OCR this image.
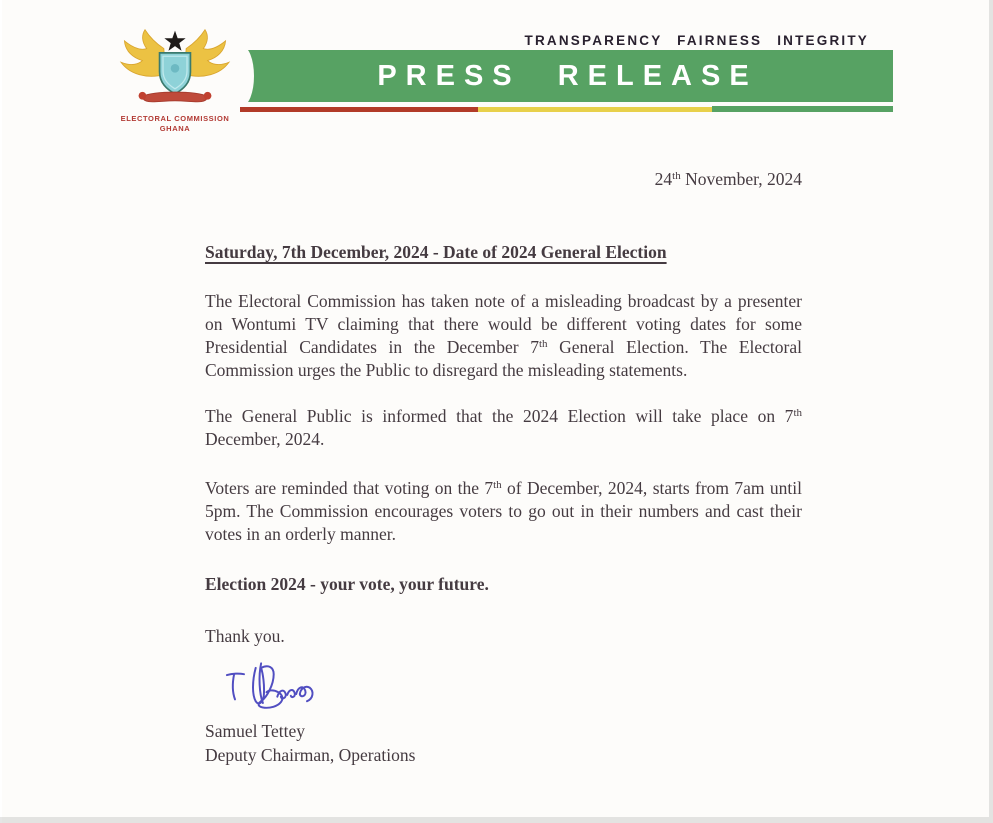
TRANSPARENCY FAIRNESS INTEGRITY
PRESS RELEASE
ELECTORAL COMMISSION
GHANA

24th November, 2024

Saturday, 7th December, 2024 - Date of 2024 General Election

The Electoral Commission has taken note of a misleading broadcast by a presenter on Wontumi TV claiming that there would be different voting dates for some Presidential Candidates in the December 7th General Election. The Electoral Commission urges the Public to disregard the misleading statements.

The General Public is informed that the 2024 Election will take place on 7th December, 2024.

Voters are reminded that voting on the 7th of December, 2024, starts from 7am until 5pm. The Commission encourages voters to go out in their numbers and cast their votes in an orderly manner.

Election 2024 - your vote, your future.

Thank you.

Samuel Tettey

Deputy Chairman, Operations
